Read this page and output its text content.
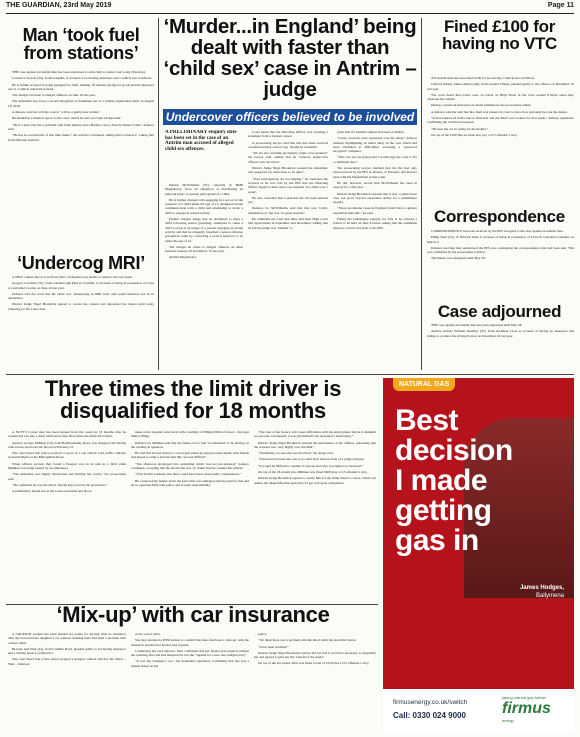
THE GUARDIAN, 23rd May 2019	Page 11
Man ‘took fuel from stations’

THE case against an Antrim man has been adjourned to allow him to attend court today (Tuesday).

Lawrence Stewart (50), from Craighill, is accused of not having insurance and a vehicle test certificate.

He is further accused of going equipped for theft, making off without paying for goods and the improper use of a vehicle registration mark.

The charges all relate to alleged offences on June 18 last year.

The defendant also faces a second allegation of fraudulent use of a vehicle registration mark on August 16, 2018.

A defence solicitor told the court it ‘will be a guilty plea in time’.

He handed in a medical report to the court, which he said ‘provides background’.

“He is a man who has a problem with brain injuries and a Belfast case is directly linked to this,” defence said.

“He has no recollection of this time frame,” the solicitor continued, adding that it related to ‘taking fuel from different stations’.

‘Undercog MRI’

A NEW contest date is to be fixed after a defendant was unable to attend court last week.

Gregory Goodwin (31), from Glenaltrough Park in Crumlin, is accused of being in possession of Class A controlled cocaine on June 14 last year.

Defence told the court that his client was ‘undergoing an MRI scan’ and would therefore not be in attendance.

District Judge Nigel Broderick agreed to vacate the contest and adjourned the matter until today (Tuesday) to fix a new date.

‘Murder...in England’ being dealt with faster than ‘child sex’ case in Antrim – judge
Undercover officers believed to be involved
A PRELIMINARY enquiry date has been set in the case of an Antrim man accused of alleged child sex offences.

Patrick McWilliams (55), currently in HMP Maghaberry, faces an allegation of distributing an indecent photo or pseudo photograph of a child.

He is further charged with engaging in a sex act in the presence of a child under the age of 13, attempted sexual communication with a child and attempting to incite a child to engage in sexual activity.

Further charges allege that he attempted to meet a child following sexual grooming, attempted to cause a child to look at an image of a person engaging in sexual activity and that he allegedly breached a sexual offences prevention order by contacting a person believed to be under the age of 16.

The charges all relate to alleged offences on dates between January 29 and March 15 last year.

Antrim Magistrate’s

Court heard that the Directing Officer was awaiting a statement from a forensic expert.

A prosecuting lawyer said that this had been received on email and that a hard copy ‘should be available’.

“We are also awaiting anonymity orders to be granted,” the lawyer said, adding that he ‘believes undercover officers were involved’.

District Judge Nigel Broderick warned the defendant, who appeared via video-link, to be quiet’.

“Your interruptions are not helping,” he cautioned the accused as he was told by the PPS that the Directing Officer hoped to have what was required ‘in a little over a week’.

He also conceded that a decision has not been entered yet’.

Defence for McWilliams said that this was ‘totally unsatisfactory’ but was ‘no great surprise’.

He reminded the court that there had been High Court bail applications in September and December, adding that he felt the judge was ‘minded’ to

grant bail if a suitable address had been available.

“Grave concerns were expressed over the delay,” defence insisted, highlighting an initial delay in the case which had been attributed to difficulties accessing a ‘password encrypted’ computer.

“This was not encrypted and I would urge the court to fix a committal date.”

The prosecuting lawyer clarified that the file had only been received by the PPS in January or February and had not been with the Department at that point.

He did, however, accept that McWilliams has been in custody for a full year.

District Judge Broderick stressed that it was ‘a prima facie case, not proof beyond reasonable doubt’ for a preliminary enquiry.

“There are murder cases in England which have a quicker expedition than this,” he said.

Fixing the preliminary enquiry for July 9, he ordered a review to be held on June 4 before asking that the comments made in court be fed back to the PPS.

Fined £100 for having no VTC

AN Antrim man has been fined £100 for not having a vehicle test certificate.

Clifford Wesley James Allison (40), from Garden Village, pleaded guilty to the offence on December 10 last year.

The court heard that police were on patrol on High Street in the town around 8.45pm when they observed his vehicle.

During a notebook interview, he made admissions, the prosecution added.

A defence solicitor said that his client was present in court to show how seriously he took the matter.

“It had expired 24 hours before detection and the MOT was booked for that week,” defence explained, confirming the vehicle had passed.

“He uses the car in caring for his mother.”

On top of the £100 fine, he must also pay a £15 offender’s levy.

Correspondence

CORRESPONDENCE has been received by the PPS in regard to the case against an Antrim man.

Philip Steel (22), of Niblock Oaks is accused of being in possession of Class B controlled cannabis on March 4.

Defence said that they understood the PPS was considering the correspondence that had been sent. This was confirmed by the prosecuting solicitor.

The matter was adjourned until May 28.

Case adjourned

THE case against an Antrim man has been adjourned until May 28.

Andrew Robert William Smedley (35), from Archdeal Close is accused of having no insurance and failing to produce his driving licence on December 22 last year.

Three times the limit driver is disqualified for 18 months

A NUTTS Corner man has been banned from the roads for 18 months after he crashed his van into a ditch while more than three times the drink drive limit.

Andrew George Milliken (33), from Ballyhenneldy Road, was charged with driving with excess alcohol in his blood on February 23.

The court heard that police received a report of a one vehicle road traffic collision around 8.40pm on the Ballyquillan Road.

When officers arrived, they found a Peugeot van on its side in a ditch while Milliken was being treated by an ambulance.

“The defendant was highly intoxicated and slurring his words,” the prosecution said.

“He confirmed he was the driver and the keys were in his possession.”

A preliminary breath test at the scene was failed and blood

taken at the hospital came back with a reading of 258mg/100ml of blood – the legal limit is 80mg.

Defence for Milliken said that the father-of-two had ‘not intended’ to be driving on the evening in question.

He said that he had driven to a rural pub where he enjoyed some drinks with friends and hoped to order a taxi but that this ‘proved difficult’.

“The afternoon developed into something which was not pre-planned,” defence continued, accepting that the electrician was ‘so drunk’ that he crashed the vehicle.

“If he had hit someone else there could have been catastrophic consequences.”

He contacted the farmer about the fence that was damaged and has paid for that and he co-operated fully with police and accepts responsibility.

“The loss of his licence will cause difficulties with his employment but he is thankful no-one else was injured, it was just himself who sustained a head injury.”

District Judge Nigel Broderick stressed the seriousness of the offence, reiterating that the accused was ‘very highly over the limit’.

“Thankfully, no-one else was involved,” the judge said.

“If that had not been the case you could have been in front of a judge and jury.

“It would be difficult to explain to anyone else who was injured or bereaved.”

On top of the 18-month ban, Milliken was fined £400 plus a £15 offender’s levy.

District Judge Broderick agreed to certify him for the drink driver’s course, which can reduce the disqualification period by 25 per cent upon completion.

‘Mix-up’ with car insurance

A CRUMLIN woman has been handed six points for driving with no insurance after she borrowed her daughter’s car without realising there had been a problem with a direct debit.

Beverly Ann Weir (41), from Crumlin Road, pleaded guilty to not having insurance and a driving licence on March 2.

The court heard that police patrol stopped a Peugeot vehicle and that the driver – Weir – believed

cover was in place.

She later attended a PSNI station to confirm that there had been a ‘mix-up’ with the insurance and that her licence had expired.

Conducting her own defence, Weir confirmed that her licence had expired without her realising after she had misplaced it but she “applied for a new one straight away”.

“It was my daughter’s car,” the defendant explained, confirming that she was a named driver on the

policy.

“We think there was a problem with the direct debit but she didn’t know.

“It has been rectified.”

District Judge Nigel Broderick said he did not feel it would be necessary to disqualify her and agreed to give her the ‘benefit of the doubt’.

On top of the six points, Weir was fined a total of £250 plus a £15 offender’s levy.

NATURAL GAS
Best
decision
I made
getting
gas in
James Hodges,
Ballymena
firmusenergy.co.uk/switch
Call: 0330 024 9000
taking natural gas further
firmus
energy
